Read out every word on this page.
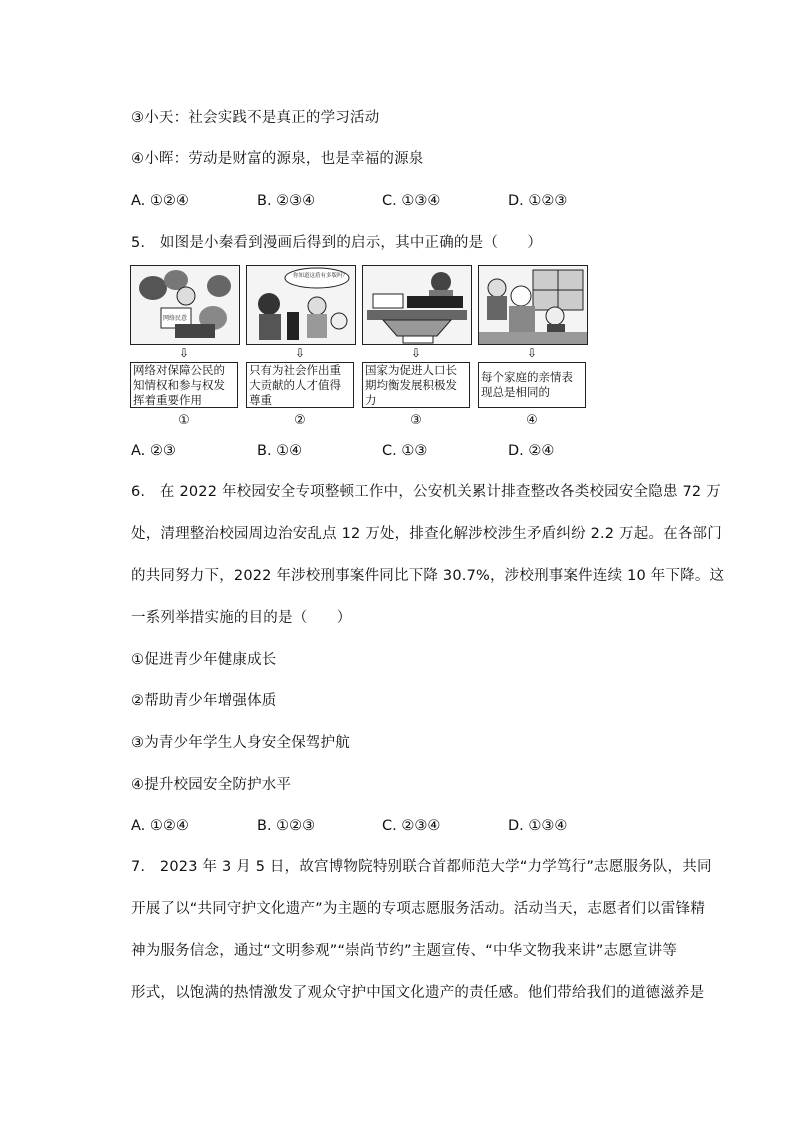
③小天：社会实践不是真正的学习活动
④小晖：劳动是财富的源泉，也是幸福的源泉
A. ①②④	B. ②③④	C. ①③④	D. ①②③
5.　如图是小秦看到漫画后得到的启示，其中正确的是（　　）
网络民意
⇩
网络对保障公民的知情权和参与权发挥着重要作用
①
你知道这盾有多版吗？
⇩
只有为社会作出重大贡献的人才值得尊重
②
⇩
国家为促进人口长期均衡发展积极发力
③
⇩
每个家庭的亲情表现总是相同的
④
A. ②③	B. ①④	C. ①③	D. ②④
6.　在 2022 年校园安全专项整顿工作中，公安机关累计排查整改各类校园安全隐患 72 万
处，清理整治校园周边治安乱点 12 万处，排查化解涉校涉生矛盾纠纷 2.2 万起。在各部门
的共同努力下，2022 年涉校刑事案件同比下降 30.7%，涉校刑事案件连续 10 年下降。这
一系列举措实施的目的是（　　）
①促进青少年健康成长
②帮助青少年增强体质
③为青少年学生人身安全保驾护航
④提升校园安全防护水平
A. ①②④	B. ①②③	C. ②③④	D. ①③④
7.　2023 年 3 月 5 日，故宫博物院特别联合首都师范大学“力学笃行”志愿服务队，共同
开展了以“共同守护文化遗产”为主题的专项志愿服务活动。活动当天，志愿者们以雷锋精
神为服务信念，通过“文明参观”“崇尚节约”主题宣传、“中华文物我来讲”志愿宣讲等
形式，以饱满的热情激发了观众守护中国文化遗产的责任感。他们带给我们的道德滋养是
